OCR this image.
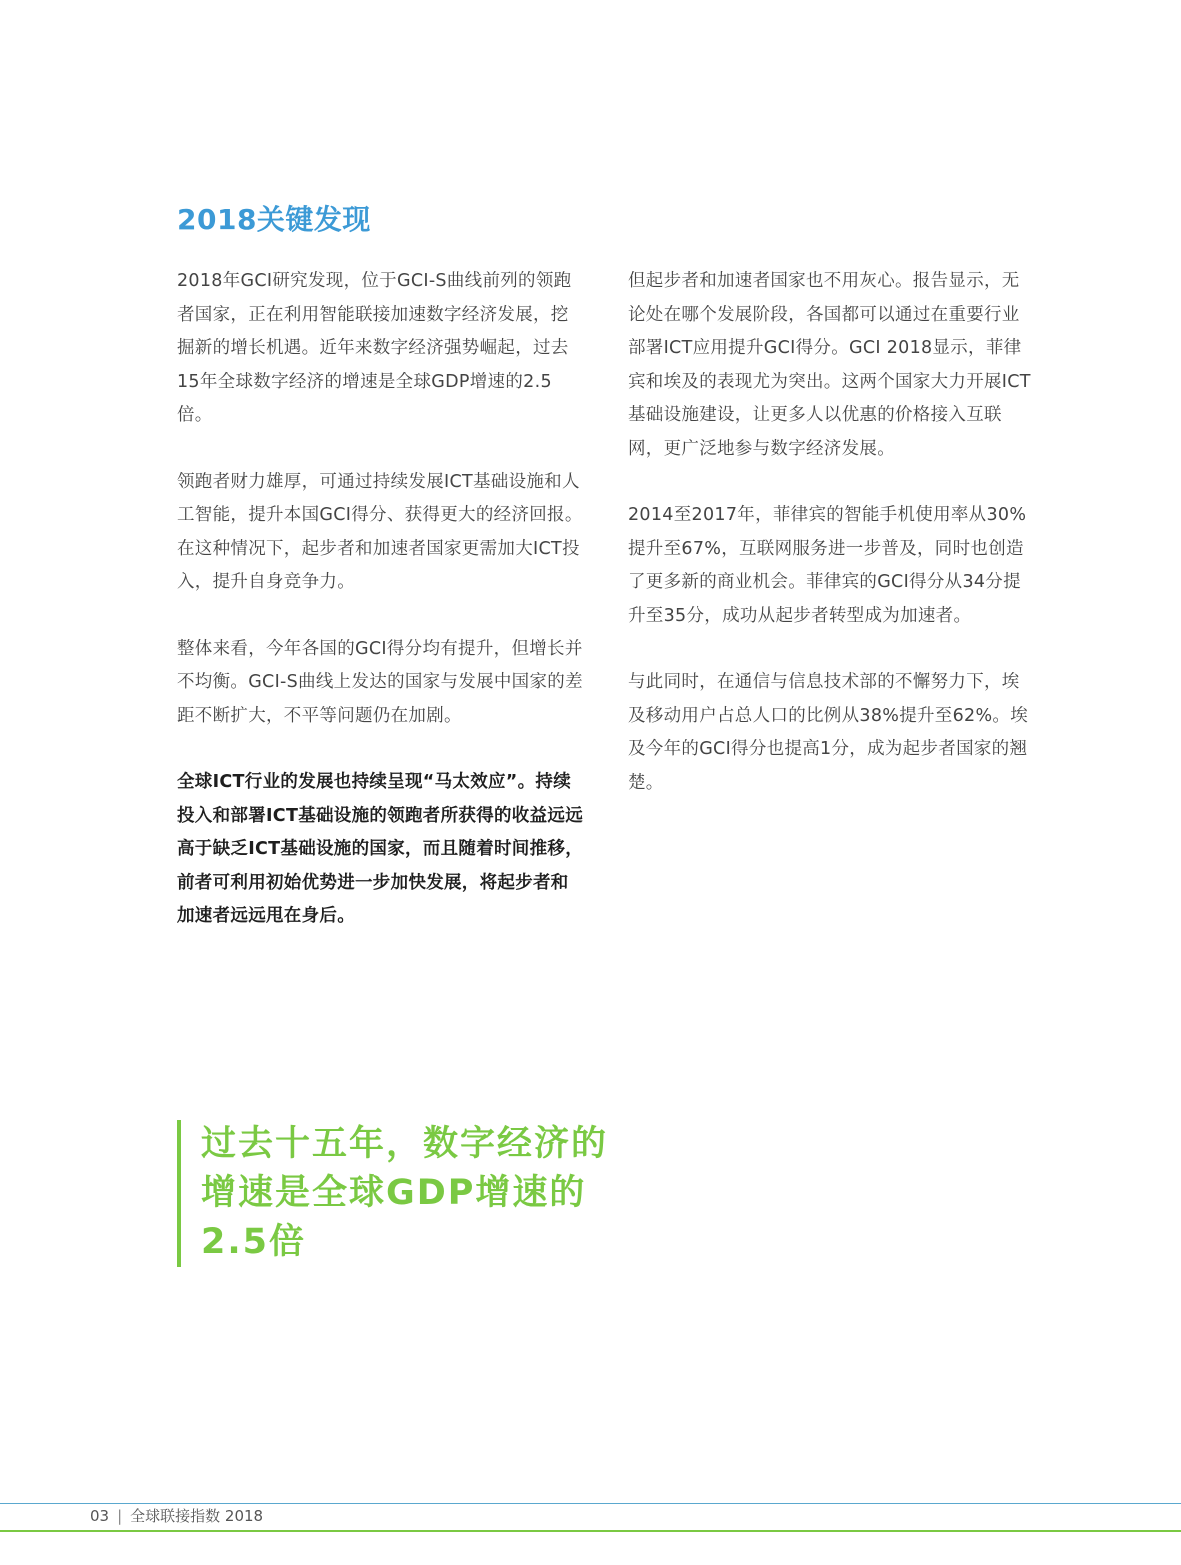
2018关键发现

2018年GCI研究发现，位于GCI-S曲线前列的领跑者国家，正在利用智能联接加速数字经济发展，挖掘新的增长机遇。近年来数字经济强势崛起，过去15年全球数字经济的增速是全球GDP增速的2.5倍。

领跑者财力雄厚，可通过持续发展ICT基础设施和人工智能，提升本国GCI得分、获得更大的经济回报。在这种情况下，起步者和加速者国家更需加大ICT投入，提升自身竞争力。

整体来看，今年各国的GCI得分均有提升，但增长并不均衡。GCI-S曲线上发达的国家与发展中国家的差距不断扩大，不平等问题仍在加剧。

全球ICT行业的发展也持续呈现“马太效应”。持续投入和部署ICT基础设施的领跑者所获得的收益远远高于缺乏ICT基础设施的国家，而且随着时间推移，前者可利用初始优势进一步加快发展，将起步者和加速者远远甩在身后。

但起步者和加速者国家也不用灰心。报告显示，无论处在哪个发展阶段，各国都可以通过在重要行业部署ICT应用提升GCI得分。GCI 2018显示，菲律宾和埃及的表现尤为突出。这两个国家大力开展ICT基础设施建设，让更多人以优惠的价格接入互联网，更广泛地参与数字经济发展。

2014至2017年，菲律宾的智能手机使用率从30%提升至67%，互联网服务进一步普及，同时也创造了更多新的商业机会。菲律宾的GCI得分从34分提升至35分，成功从起步者转型成为加速者。

与此同时，在通信与信息技术部的不懈努力下，埃及移动用户占总人口的比例从38%提升至62%。埃及今年的GCI得分也提高1分，成为起步者国家的翘楚。

过去十五年，数字经济的

增速是全球GDP增速的

2.5倍

03 | 全球联接指数 2018
